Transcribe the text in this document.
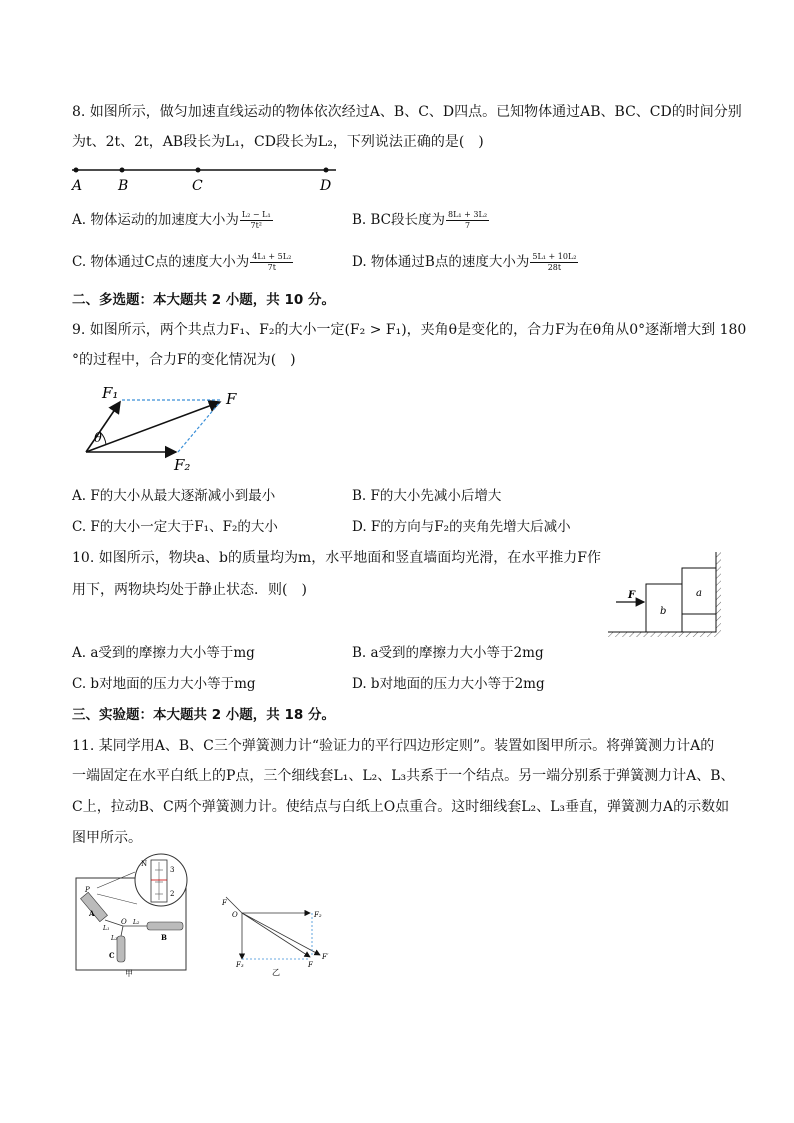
8. 如图所示，做匀加速直线运动的物体依次经过A、B、C、D四点。已知物体通过AB、BC、CD的时间分别
为t、2t、2t，AB段长为L₁，CD段长为L₂，下列说法正确的是(　)
A	B	C	D
A. 物体运动的加速度大小为 $\frac{\text{L₂ − L₁}}{\text{7t²}}$	B. BC段长度为 $\frac{\text{8L₁ + 3L₂}}{7}$
C. 物体通过C点的速度大小为 $\frac{\text{4L₁ + 5L₂}}{7t}$	D. 物体通过B点的速度大小为 $\frac{\text{5L₁ + 10L₂}}{28t}$
二、多选题：本大题共 2 小题，共 10 分。
9. 如图所示，两个共点力F₁、F₂的大小一定(F₂ > F₁)，夹角θ是变化的，合力F为在θ角从0°逐渐增大到 180
°的过程中，合力F的变化情况为(　)
F₁	F
F₂
θ
A. F的大小从最大逐渐减小到最小	B. F的大小先减小后增大
C. F的大小一定大于F₁、F₂的大小	D. F的方向与F₂的夹角先增大后减小
10. 如图所示，物块a、b的质量均为m，水平地面和竖直墙面均光滑，在水平推力F作
用下，两物块均处于静止状态．则(　)	F
b
a
A. a受到的摩擦力大小等于mg	B. a受到的摩擦力大小等于2mg
C. b对地面的压力大小等于mg	D. b对地面的压力大小等于2mg
三、实验题：本大题共 2 小题，共 18 分。
11. 某同学用A、B、C三个弹簧测力计“验证力的平行四边形定则”。装置如图甲所示。将弹簧测力计A的
一端固定在水平白纸上的P点，三个细线套L₁、L₂、L₃共系于一个结点。另一端分别系于弹簧测力计A、B、
C上，拉动B、C两个弹簧测力计。使结点与白纸上O点重合。这时细线套L₂、L₃垂直，弹簧测力A的示数如
图甲所示。
N
3
2
P
A
O
L₁
L₂
L₃	B
C
甲
F
O	F₂
F₃	F
F′
乙
